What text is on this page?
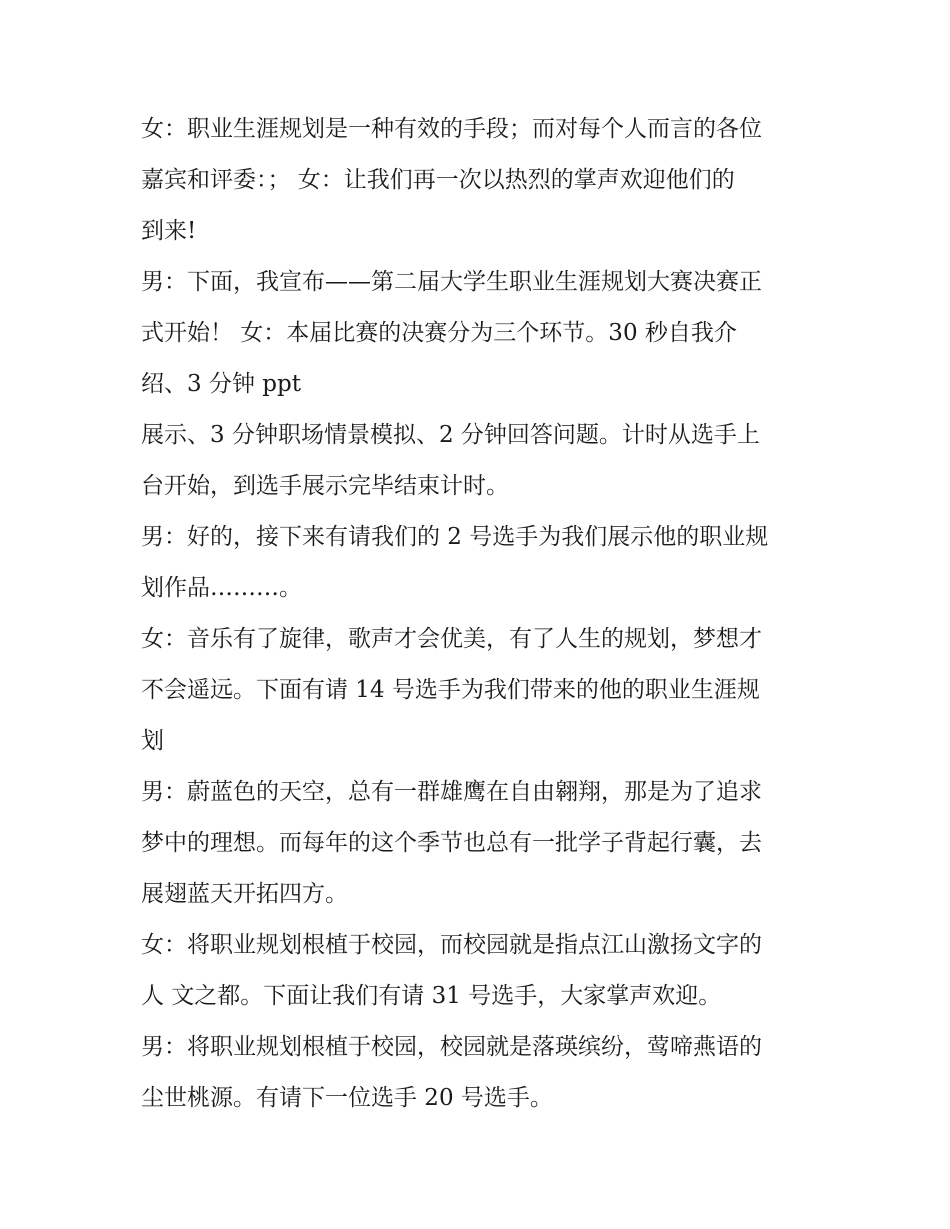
女：职业生涯规划是一种有效的手段；而对每个人而言的各位
嘉宾和评委：； 女：让我们再一次以热烈的掌声欢迎他们的
到来!
男：下面，我宣布——第二届大学生职业生涯规划大赛决赛正
式开始！ 女：本届比赛的决赛分为三个环节。30 秒自我介
绍、3 分钟 ppt
展示、3 分钟职场情景模拟、2 分钟回答问题。计时从选手上
台开始，到选手展示完毕结束计时。
男：好的，接下来有请我们的 2 号选手为我们展示他的职业规
划作品………。
女：音乐有了旋律，歌声才会优美，有了人生的规划，梦想才
不会遥远。下面有请 14 号选手为我们带来的他的职业生涯规
划
男：蔚蓝色的天空，总有一群雄鹰在自由翱翔，那是为了追求
梦中的理想。而每年的这个季节也总有一批学子背起行囊，去
展翅蓝天开拓四方。
女：将职业规划根植于校园，而校园就是指点江山激扬文字的
人 文之都。下面让我们有请 31 号选手，大家掌声欢迎。
男：将职业规划根植于校园，校园就是落瑛缤纷，莺啼燕语的
尘世桃源。有请下一位选手 20 号选手。
